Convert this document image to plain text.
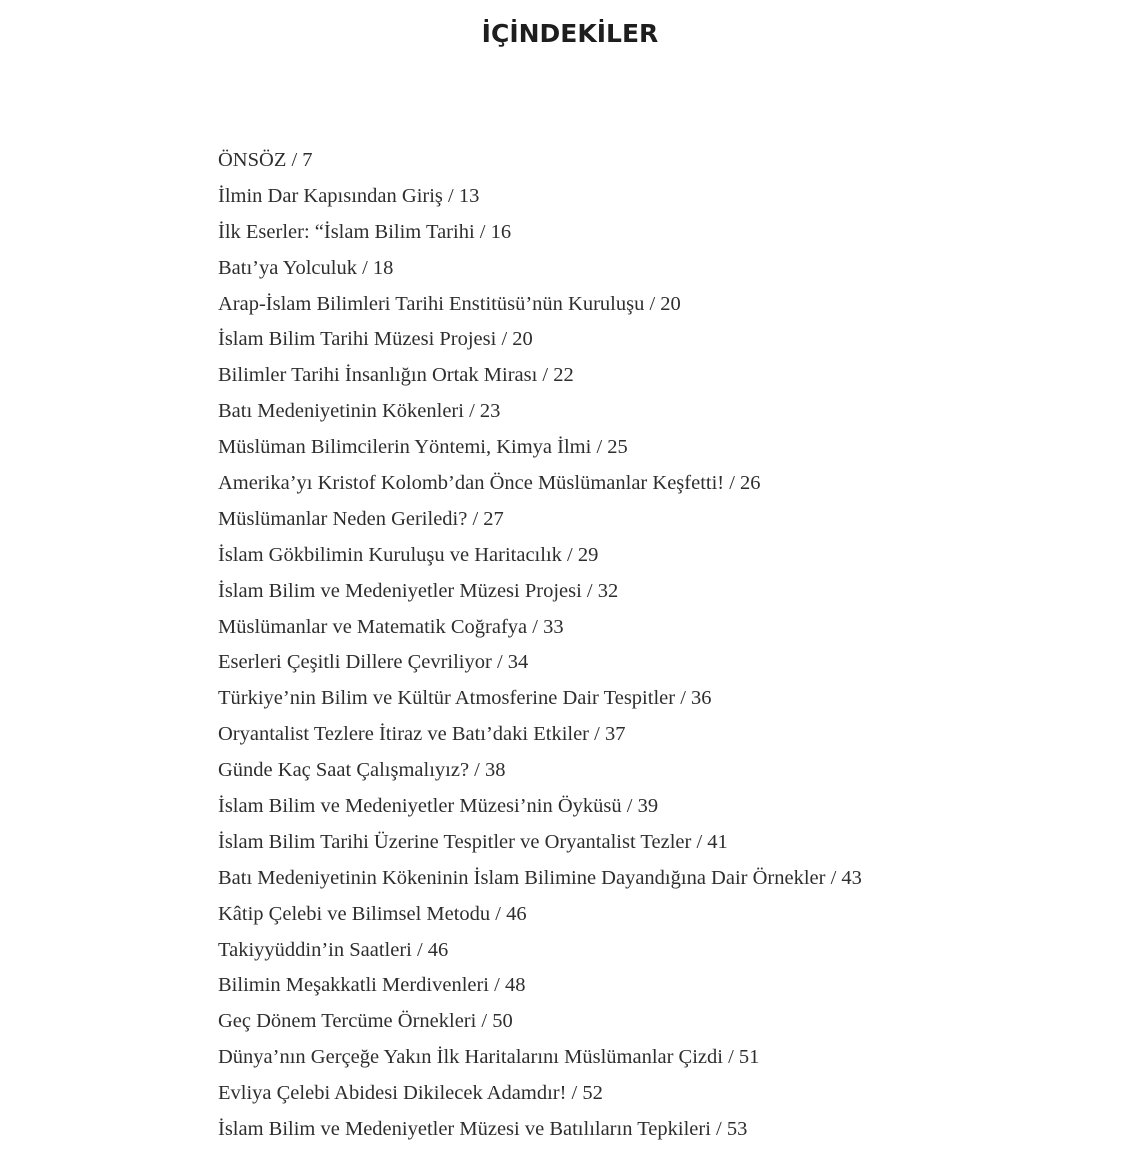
İÇİNDEKİLER
ÖNSÖZ / 7
İlmin Dar Kapısından Giriş / 13
İlk Eserler: “İslam Bilim Tarihi / 16
Batı’ya Yolculuk / 18
Arap-İslam Bilimleri Tarihi Enstitüsü’nün Kuruluşu / 20
İslam Bilim Tarihi Müzesi Projesi / 20
Bilimler Tarihi İnsanlığın Ortak Mirası / 22
Batı Medeniyetinin Kökenleri / 23
Müslüman Bilimcilerin Yöntemi, Kimya İlmi / 25
Amerika’yı Kristof Kolomb’dan Önce Müslümanlar Keşfetti! / 26
Müslümanlar Neden Geriledi? / 27
İslam Gökbilimin Kuruluşu ve Haritacılık / 29
İslam Bilim ve Medeniyetler Müzesi Projesi / 32
Müslümanlar ve Matematik Coğrafya / 33
Eserleri Çeşitli Dillere Çevriliyor / 34
Türkiye’nin Bilim ve Kültür Atmosferine Dair Tespitler / 36
Oryantalist Tezlere İtiraz ve Batı’daki Etkiler / 37
Günde Kaç Saat Çalışmalıyız? / 38
İslam Bilim ve Medeniyetler Müzesi’nin Öyküsü / 39
İslam Bilim Tarihi Üzerine Tespitler ve Oryantalist Tezler / 41
Batı Medeniyetinin Kökeninin İslam Bilimine Dayandığına Dair Örnekler / 43
Kâtip Çelebi ve Bilimsel Metodu / 46
Takiyyüddin’in Saatleri / 46
Bilimin Meşakkatli Merdivenleri / 48
Geç Dönem Tercüme Örnekleri / 50
Dünya’nın Gerçeğe Yakın İlk Haritalarını Müslümanlar Çizdi / 51
Evliya Çelebi Abidesi Dikilecek Adamdır! / 52
İslam Bilim ve Medeniyetler Müzesi ve Batılıların Tepkileri / 53
